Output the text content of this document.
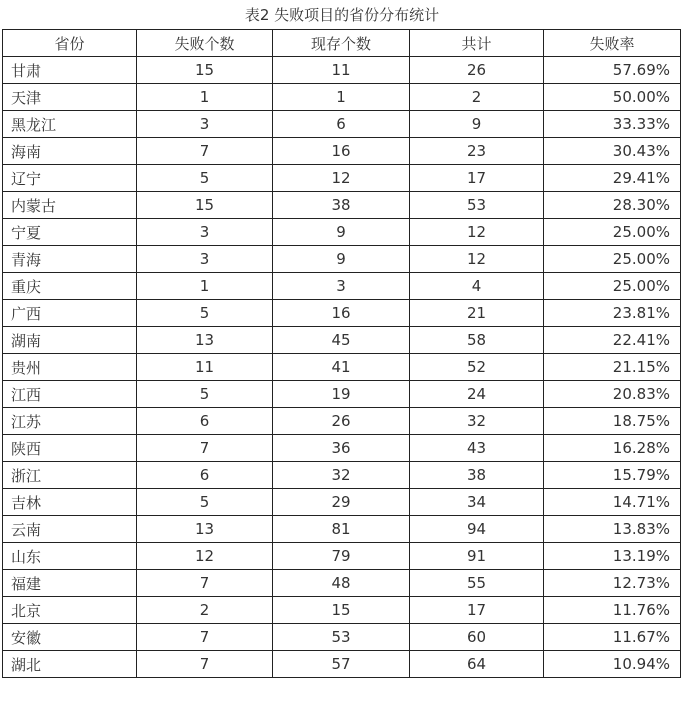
表2 失败项目的省份分布统计
省份	失败个数	现存个数	共计	失败率
甘肃	15	11	26	57.69%
天津	1	1	2	50.00%
黑龙江	3	6	9	33.33%
海南	7	16	23	30.43%
辽宁	5	12	17	29.41%
内蒙古	15	38	53	28.30%
宁夏	3	9	12	25.00%
青海	3	9	12	25.00%
重庆	1	3	4	25.00%
广西	5	16	21	23.81%
湖南	13	45	58	22.41%
贵州	11	41	52	21.15%
江西	5	19	24	20.83%
江苏	6	26	32	18.75%
陕西	7	36	43	16.28%
浙江	6	32	38	15.79%
吉林	5	29	34	14.71%
云南	13	81	94	13.83%
山东	12	79	91	13.19%
福建	7	48	55	12.73%
北京	2	15	17	11.76%
安徽	7	53	60	11.67%
湖北	7	57	64	10.94%
